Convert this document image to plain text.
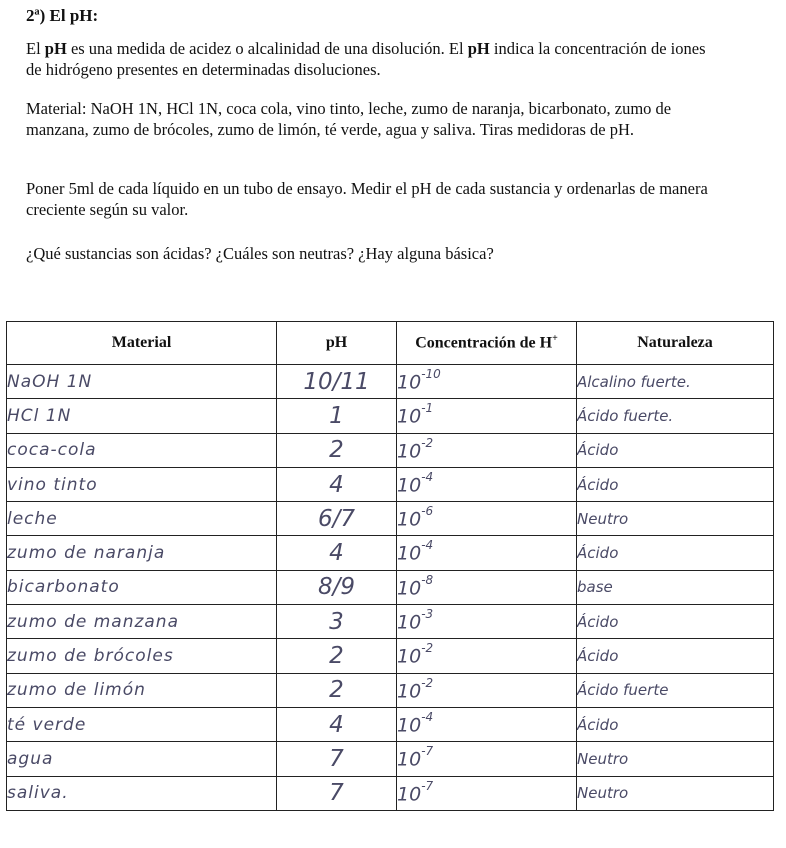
2ª) El pH:
El pH es una medida de acidez o alcalinidad de una disolución. El pH indica la concentración de iones de hidrógeno presentes en determinadas disoluciones.
Material: NaOH 1N, HCl 1N, coca cola, vino tinto, leche, zumo de naranja, bicarbonato, zumo de manzana, zumo de brócoles, zumo de limón, té verde, agua y saliva. Tiras medidoras de pH.
Poner 5ml de cada líquido en un tubo de ensayo. Medir el pH de cada sustancia y ordenarlas de manera creciente según su valor.
¿Qué sustancias son ácidas? ¿Cuáles son neutras? ¿Hay alguna básica?
Material	pH	Concentración de H+	Naturaleza
NaOH 1N	10/11	$10^{-10}$	Alcalino fuerte.
HCl 1N	1	$10^{-1}$	Ácido fuerte.
coca-cola	2	$10^{-2}$	Ácido
vino tinto	4	$10^{-4}$	Ácido
leche	6/7	$10^{-6}$	Neutro
zumo de naranja	4	$10^{-4}$	Ácido
bicarbonato	8/9	$10^{-8}$	base
zumo de manzana	3	$10^{-3}$	Ácido
zumo de brócoles	2	$10^{-2}$	Ácido
zumo de limón	2	$10^{-2}$	Ácido fuerte
té verde	4	$10^{-4}$	Ácido
agua	7	$10^{-7}$	Neutro
saliva.	7	$10^{-7}$	Neutro
